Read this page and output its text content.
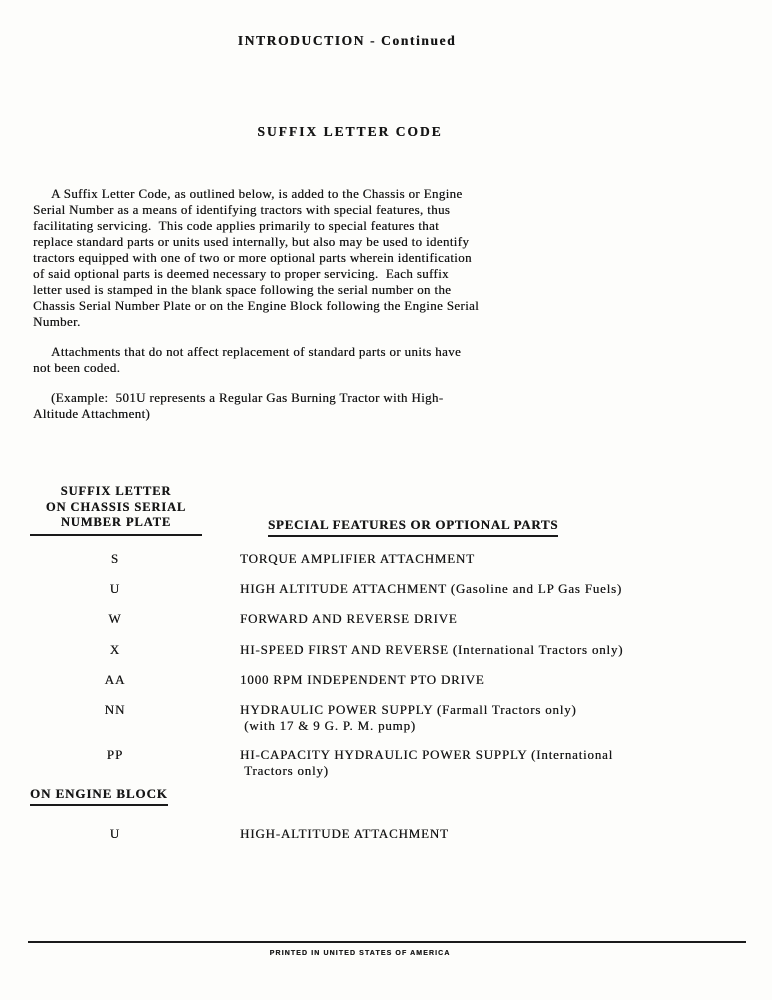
INTRODUCTION - Continued
SUFFIX LETTER CODE
A Suffix Letter Code, as outlined below, is added to the Chassis or Engine
Serial Number as a means of identifying tractors with special features, thus
facilitating servicing.  This code applies primarily to special features that
replace standard parts or units used internally, but also may be used to identify
tractors equipped with one of two or more optional parts wherein identification
of said optional parts is deemed necessary to proper servicing.  Each suffix
letter used is stamped in the blank space following the serial number on the
Chassis Serial Number Plate or on the Engine Block following the Engine Serial
Number.
Attachments that do not affect replacement of standard parts or units have
not been coded.
(Example:  501U represents a Regular Gas Burning Tractor with High-
Altitude Attachment)
SUFFIX LETTER
ON CHASSIS SERIAL
NUMBER PLATE	SPECIAL FEATURES OR OPTIONAL PARTS
S	TORQUE AMPLIFIER ATTACHMENT
U	HIGH ALTITUDE ATTACHMENT (Gasoline and LP Gas Fuels)
W	FORWARD AND REVERSE DRIVE
X	HI-SPEED FIRST AND REVERSE (International Tractors only)
AA	1000 RPM INDEPENDENT PTO DRIVE
NN	HYDRAULIC POWER SUPPLY (Farmall Tractors only)
(with 17 & 9 G. P. M. pump)
PP	HI-CAPACITY HYDRAULIC POWER SUPPLY (International
Tractors only)
ON ENGINE BLOCK
U	HIGH-ALTITUDE ATTACHMENT
PRINTED IN UNITED STATES OF AMERICA
